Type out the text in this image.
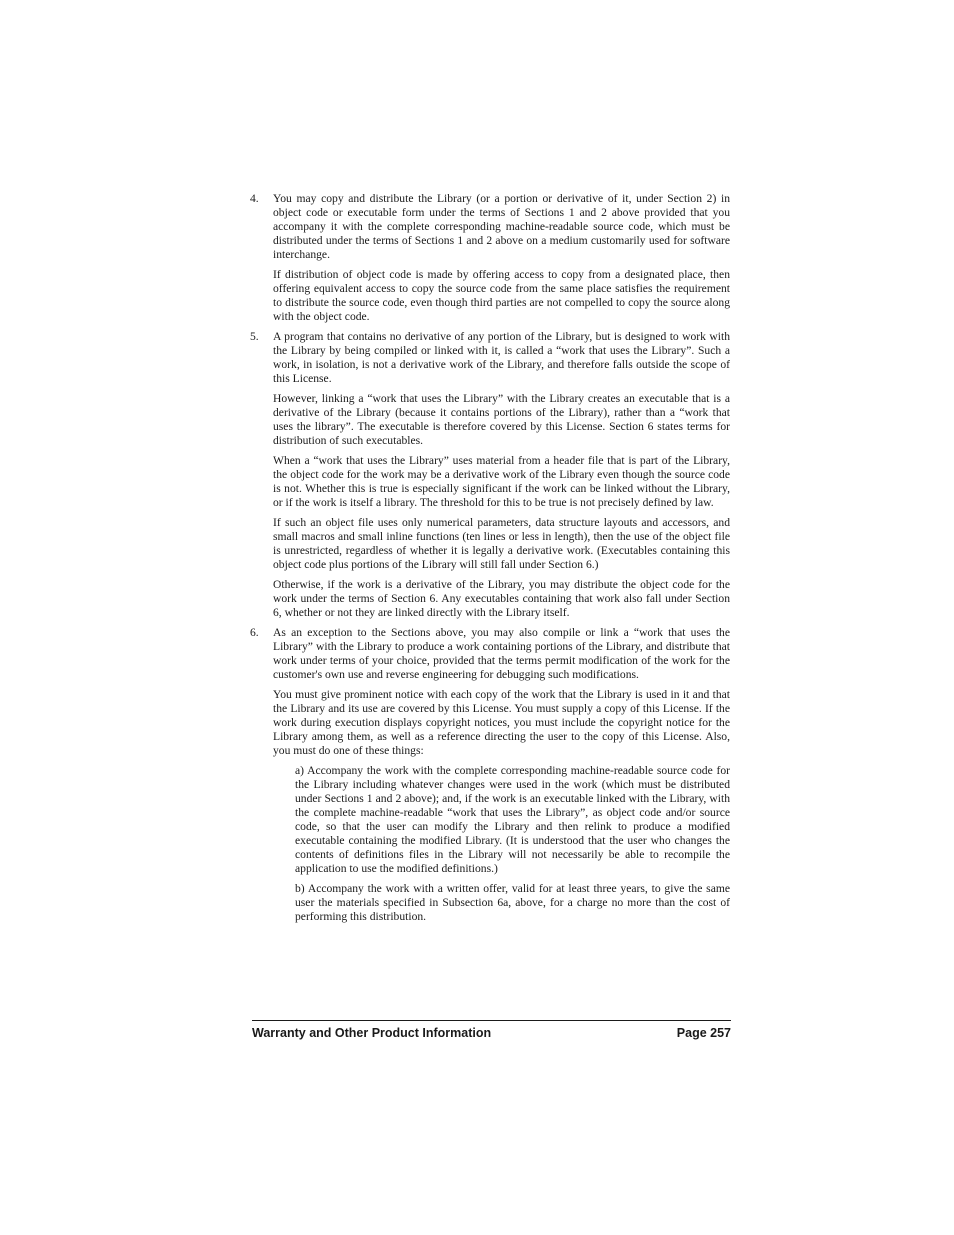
4. You may copy and distribute the Library (or a portion or derivative of it, under Section 2) in object code or executable form under the terms of Sections 1 and 2 above provided that you accompany it with the complete corresponding machine-readable source code, which must be distributed under the terms of Sections 1 and 2 above on a medium customarily used for software interchange.

If distribution of object code is made by offering access to copy from a designated place, then offering equivalent access to copy the source code from the same place satisfies the requirement to distribute the source code, even though third parties are not compelled to copy the source along with the object code.

5. A program that contains no derivative of any portion of the Library, but is designed to work with the Library by being compiled or linked with it, is called a “work that uses the Library”. Such a work, in isolation, is not a derivative work of the Library, and therefore falls outside the scope of this License.

However, linking a “work that uses the Library” with the Library creates an executable that is a derivative of the Library (because it contains portions of the Library), rather than a “work that uses the library”. The executable is therefore covered by this License. Section 6 states terms for distribution of such executables.

When a “work that uses the Library” uses material from a header file that is part of the Library, the object code for the work may be a derivative work of the Library even though the source code is not. Whether this is true is especially significant if the work can be linked without the Library, or if the work is itself a library. The threshold for this to be true is not precisely defined by law.

If such an object file uses only numerical parameters, data structure layouts and accessors, and small macros and small inline functions (ten lines or less in length), then the use of the object file is unrestricted, regardless of whether it is legally a derivative work. (Executables containing this object code plus portions of the Library will still fall under Section 6.)

Otherwise, if the work is a derivative of the Library, you may distribute the object code for the work under the terms of Section 6. Any executables containing that work also fall under Section 6, whether or not they are linked directly with the Library itself.

6. As an exception to the Sections above, you may also compile or link a “work that uses the Library” with the Library to produce a work containing portions of the Library, and distribute that work under terms of your choice, provided that the terms permit modification of the work for the customer's own use and reverse engineering for debugging such modifications.

You must give prominent notice with each copy of the work that the Library is used in it and that the Library and its use are covered by this License. You must supply a copy of this License. If the work during execution displays copyright notices, you must include the copyright notice for the Library among them, as well as a reference directing the user to the copy of this License. Also, you must do one of these things:

a) Accompany the work with the complete corresponding machine-readable source code for the Library including whatever changes were used in the work (which must be distributed under Sections 1 and 2 above); and, if the work is an executable linked with the Library, with the complete machine-readable “work that uses the Library”, as object code and/or source code, so that the user can modify the Library and then relink to produce a modified executable containing the modified Library. (It is understood that the user who changes the contents of definitions files in the Library will not necessarily be able to recompile the application to use the modified definitions.)

b) Accompany the work with a written offer, valid for at least three years, to give the same user the materials specified in Subsection 6a, above, for a charge no more than the cost of performing this distribution.

Warranty and Other Product Information	Page 257
